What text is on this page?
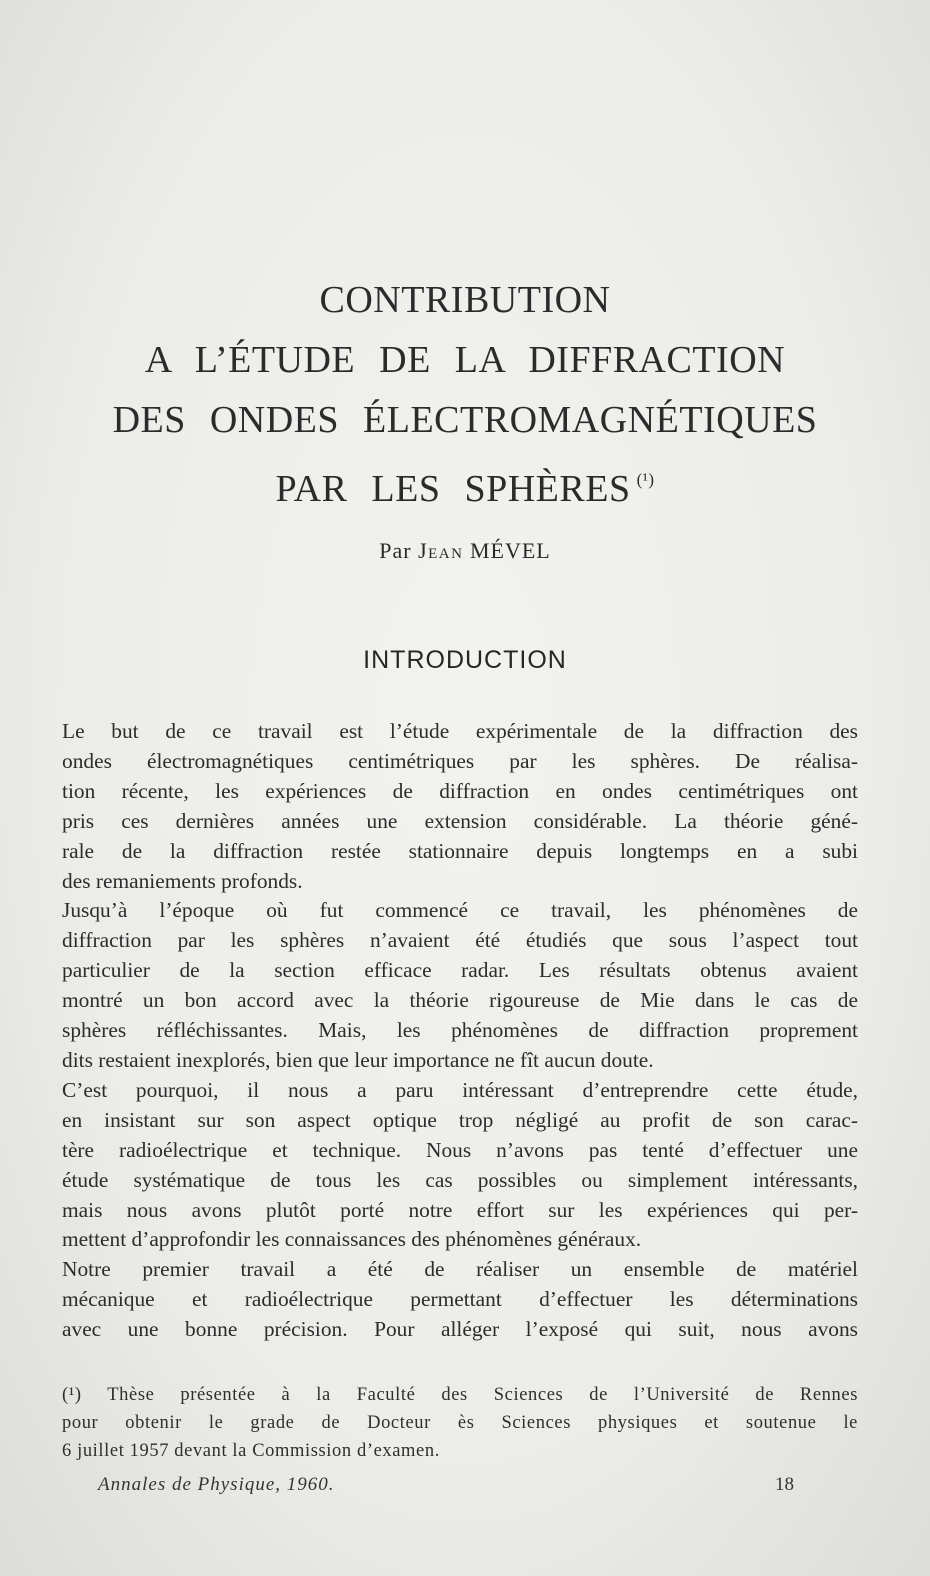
CONTRIBUTION
A L’ÉTUDE DE LA DIFFRACTION
DES ONDES ÉLECTROMAGNÉTIQUES
PAR LES SPHÈRES $^{(^1)}$
Par Jean MÉVEL
INTRODUCTION

Le but de ce travail est l’étude expérimentale de la diffraction des
ondes électromagnétiques centimétriques par les sphères. De réalisa-
tion récente, les expériences de diffraction en ondes centimétriques ont
pris ces dernières années une extension considérable. La théorie géné-
rale de la diffraction restée stationnaire depuis longtemps en a subi
des remaniements profonds.

Jusqu’à l’époque où fut commencé ce travail, les phénomènes de
diffraction par les sphères n’avaient été étudiés que sous l’aspect tout
particulier de la section efficace radar. Les résultats obtenus avaient
montré un bon accord avec la théorie rigoureuse de Mie dans le cas de
sphères réfléchissantes. Mais, les phénomènes de diffraction proprement
dits restaient inexplorés, bien que leur importance ne fît aucun doute.

C’est pourquoi, il nous a paru intéressant d’entreprendre cette étude,
en insistant sur son aspect optique trop négligé au profit de son carac-
tère radioélectrique et technique. Nous n’avons pas tenté d’effectuer une
étude systématique de tous les cas possibles ou simplement intéressants,
mais nous avons plutôt porté notre effort sur les expériences qui per-
mettent d’approfondir les connaissances des phénomènes généraux.

Notre premier travail a été de réaliser un ensemble de matériel
mécanique et radioélectrique permettant d’effectuer les déterminations
avec une bonne précision. Pour alléger l’exposé qui suit, nous avons

(¹) Thèse présentée à la Faculté des Sciences de l’Université de Rennes
pour obtenir le grade de Docteur ès Sciences physiques et soutenue le
6 juillet 1957 devant la Commission d’examen.
Annales de Physique, 1960.	18
